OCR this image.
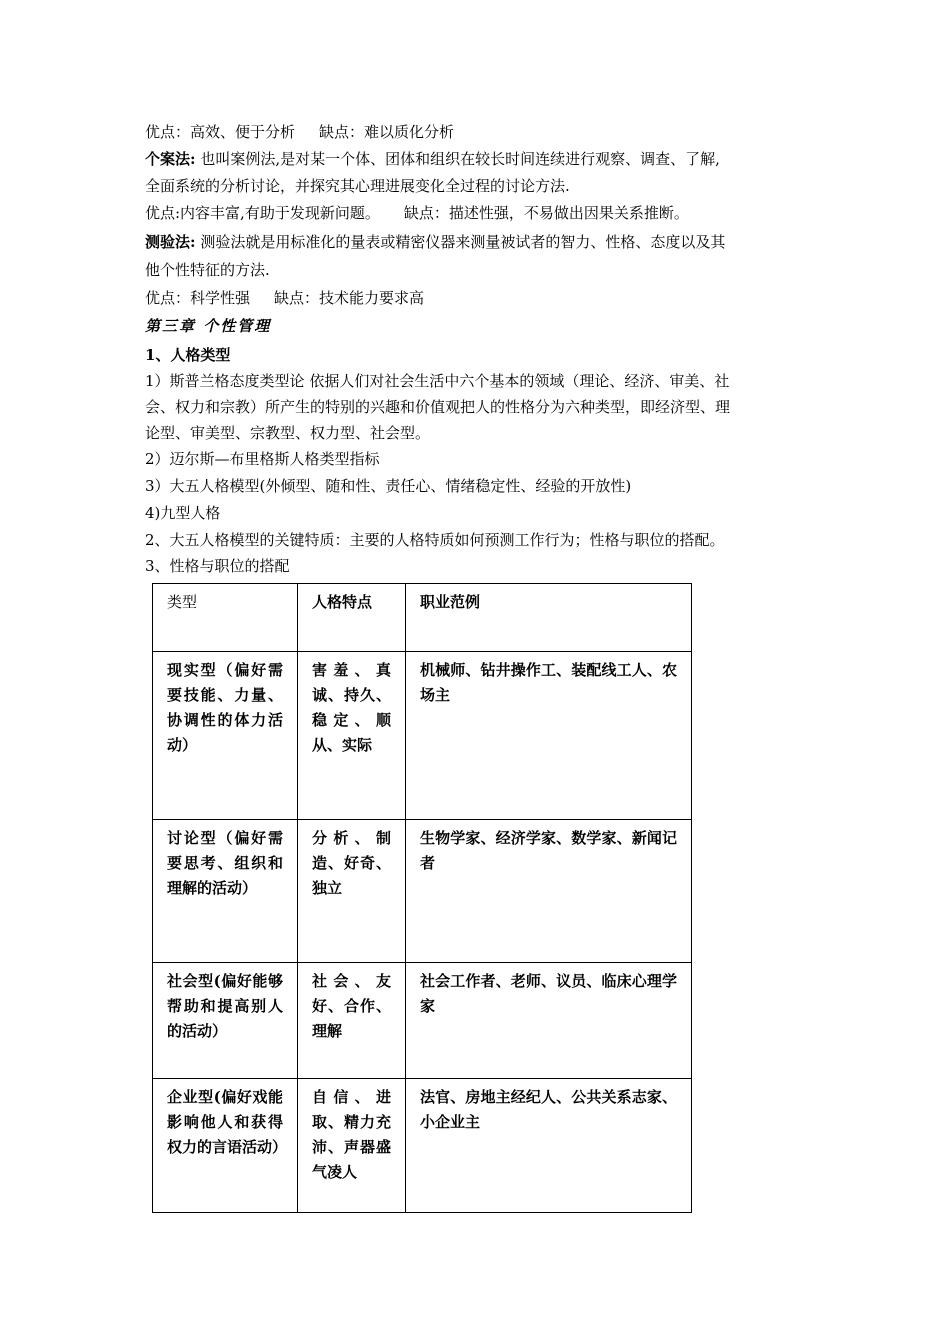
优点：高效、便于分析 缺点：难以质化分析
个案法: 也叫案例法,是对某一个体、团体和组织在较长时间连续进行观察、调查、了解,
全面系统的分析讨论，并探究其心理进展变化全过程的讨论方法.
优点:内容丰富,有助于发现新问题。 缺点：描述性强，不易做出因果关系推断。
测验法: 测验法就是用标准化的量表或精密仪器来测量被试者的智力、性格、态度以及其
他个性特征的方法.
优点：科学性强 缺点：技术能力要求高
第三章 个性管理
1、人格类型
1）斯普兰格态度类型论 依据人们对社会生活中六个基本的领域（理论、经济、审美、社
会、权力和宗教）所产生的特别的兴趣和价值观把人的性格分为六种类型，即经济型、理
论型、审美型、宗教型、权力型、社会型。
2）迈尔斯—布里格斯人格类型指标
3）大五人格模型(外倾型、随和性、责任心、情绪稳定性、经验的开放性)
4)九型人格
2、大五人格模型的关键特质：主要的人格特质如何预测工作行为；性格与职位的搭配。
3、性格与职位的搭配
类型	人格特点	职业范例
现实型（偏好需要技能、力量、协调性的体力活动）	害羞、真诚、持久、稳定、顺从、实际	机械师、钻井操作工、装配线工人、农场主
讨论型（偏好需要思考、组织和理解的活动）	分析、制造、好奇、独立	生物学家、经济学家、数学家、新闻记者
社会型(偏好能够帮助和提高别人的活动）	社会、友好、合作、理解	社会工作者、老师、议员、临床心理学家
企业型(偏好戏能影响他人和获得权力的言语活动）	自信、进取、精力充沛、声器盛气凌人	法官、房地主经纪人、公共关系志家、小企业主
